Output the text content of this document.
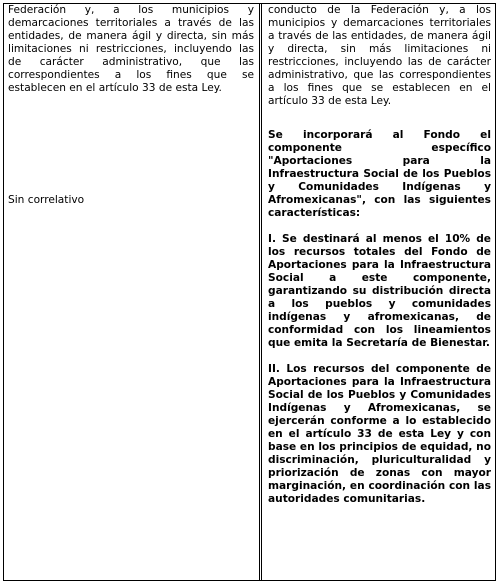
Federación y, a los municipios y demarcaciones territoriales a través de las entidades, de manera ágil y directa, sin más limitaciones ni restricciones, incluyendo las de carácter administrativo, que las correspondientes a los fines que se establecen en el artículo 33 de esta Ley.

Sin correlativo

conducto de la Federación y, a los municipios y demarcaciones territoriales a través de las entidades, de manera ágil y directa, sin más limitaciones ni restricciones, incluyendo las de carácter administrativo, que las correspondientes a los fines que se establecen en el artículo 33 de esta Ley.

Se incorporará al Fondo el componente específico "Aportaciones para la Infraestructura Social de los Pueblos y Comunidades Indígenas y Afromexicanas", con las siguientes características:

I. Se destinará al menos el 10% de los recursos totales del Fondo de Aportaciones para la Infraestructura Social a este componente, garantizando su distribución directa a los pueblos y comunidades indígenas y afromexicanas, de conformidad con los lineamientos que emita la Secretaría de Bienestar.

II. Los recursos del componente de Aportaciones para la Infraestructura Social de los Pueblos y Comunidades Indígenas y Afromexicanas, se ejercerán conforme a lo establecido en el artículo 33 de esta Ley y con base en los principios de equidad, no discriminación, pluriculturalidad y priorización de zonas con mayor marginación, en coordinación con las autoridades comunitarias.
